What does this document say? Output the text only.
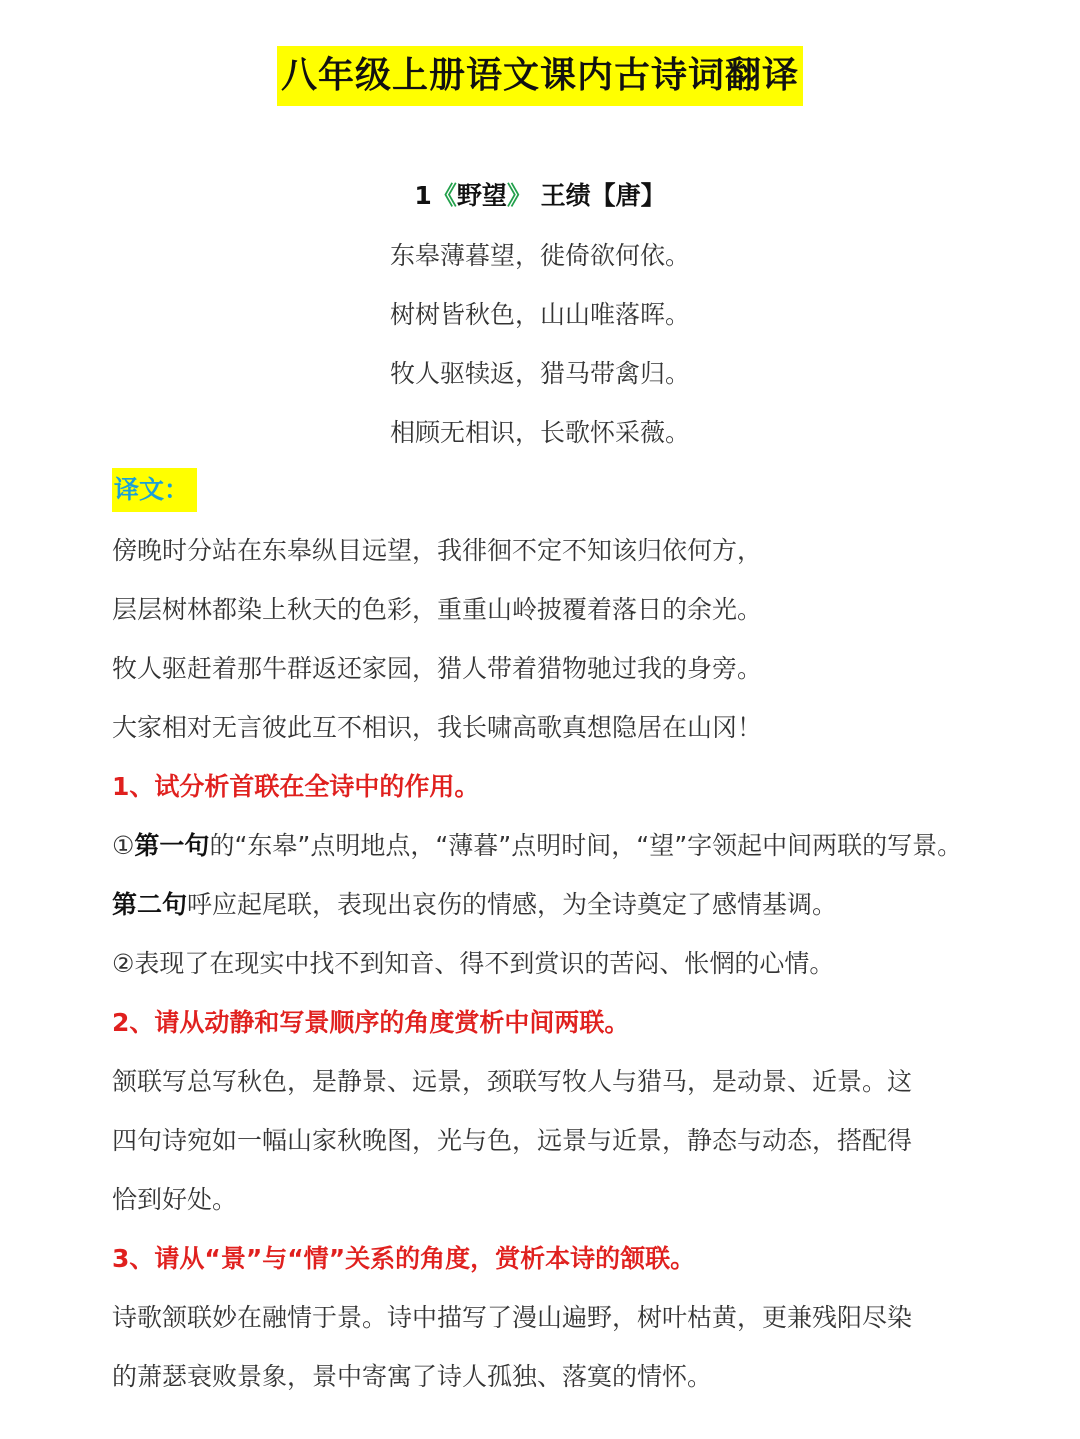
八年级上册语文课内古诗词翻译
1《野望》 王绩【唐】
东皋薄暮望，徙倚欲何依。
树树皆秋色，山山唯落晖。
牧人驱犊返，猎马带禽归。
相顾无相识，长歌怀采薇。
译文：
傍晚时分站在东皋纵目远望，我徘徊不定不知该归依何方，
层层树林都染上秋天的色彩，重重山岭披覆着落日的余光。
牧人驱赶着那牛群返还家园，猎人带着猎物驰过我的身旁。
大家相对无言彼此互不相识，我长啸高歌真想隐居在山冈！
1、试分析首联在全诗中的作用。
①第一句的“东皋”点明地点，“薄暮”点明时间，“望”字领起中间两联的写景。
第二句呼应起尾联，表现出哀伤的情感，为全诗奠定了感情基调。
②表现了在现实中找不到知音、得不到赏识的苦闷、怅惘的心情。
2、请从动静和写景顺序的角度赏析中间两联。
颔联写总写秋色，是静景、远景，颈联写牧人与猎马，是动景、近景。这
四句诗宛如一幅山家秋晚图，光与色，远景与近景，静态与动态，搭配得
恰到好处。
3、请从“景”与“情”关系的角度，赏析本诗的颔联。
诗歌颔联妙在融情于景。诗中描写了漫山遍野，树叶枯黄，更兼残阳尽染
的萧瑟衰败景象，景中寄寓了诗人孤独、落寞的情怀。
